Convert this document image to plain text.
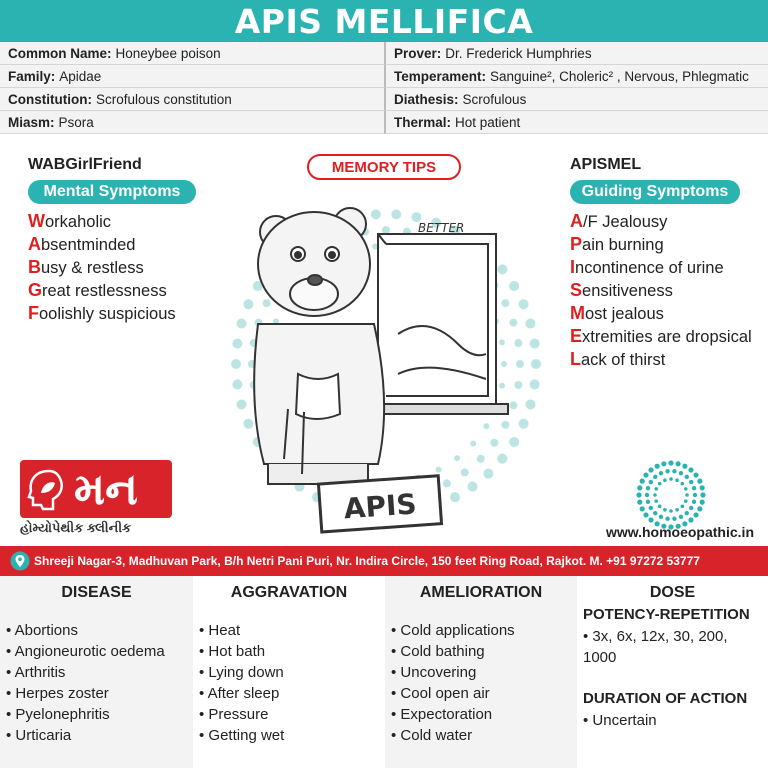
APIS MELLIFICA
Common Name: Honeybee poison	Prover: Dr. Frederick Humphries
Family: Apidae	Temperament: Sanguine², Choleric² , Nervous, Phlegmatic
Constitution: Scrofulous constitution	Diathesis: Scrofulous
Miasm: Psora	Thermal: Hot patient
WABGirlFriend
Mental Symptoms
Workaholic
Absentminded
Busy & restless
Great restlessness
Foolishly suspicious
MEMORY TIPS
BETTER
APIS
APISMEL
Guiding Symptoms
A/F Jealousy
Pain burning
Incontinence of urine
Sensitiveness
Most jealous
Extremities are dropsical
Lack of thirst
મન
હોમ્યોપેથીક ક્લીનીક	www.homoeopathic.in
Shreeji Nagar-3, Madhuvan Park, B/h Netri Pani Puri, Nr. Indira Circle, 150 feet Ring Road, Rajkot. M. +91 97272 53777
DISEASE
• Abortions
• Angioneurotic oedema
• Arthritis
• Herpes zoster
• Pyelonephritis
• Urticaria
AGGRAVATION
• Heat
• Hot bath
• Lying down
• After sleep
• Pressure
• Getting wet
AMELIORATION
• Cold applications
• Cold bathing
• Uncovering
• Cool open air
• Expectoration
• Cold water
DOSE
POTENCY-REPETITION
• 3x, 6x, 12x, 30, 200, 1000
DURATION OF ACTION
• Uncertain
